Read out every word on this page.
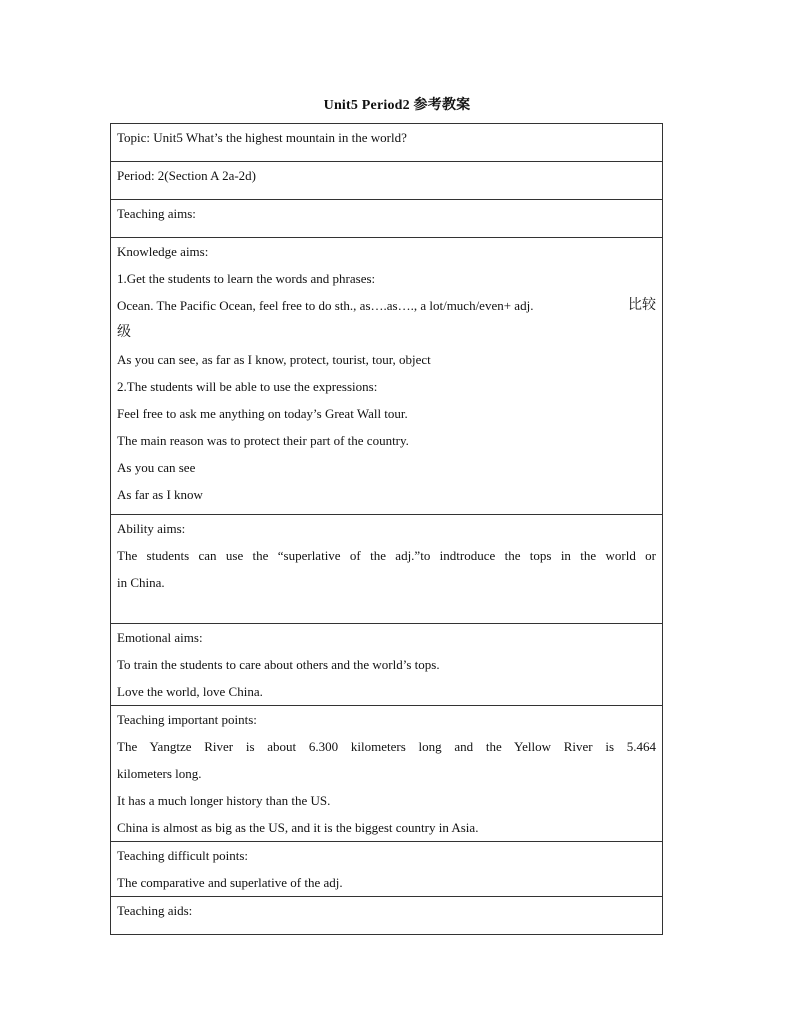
Unit5 Period2 参考教案
Topic: Unit5 What’s the highest mountain in the world?

Period: 2(Section A 2a-2d)

Teaching aims:

Knowledge aims:
1.Get the students to learn the words and phrases:
Ocean. The Pacific Ocean, feel free to do sth., as….as…., a lot/much/even+ adj.	比较
级
As you can see, as far as I know, protect, tourist, tour, object
2.The students will be able to use the expressions:
Feel free to ask me anything on today’s Great Wall tour.
The main reason was to protect their part of the country.
As you can see
As far as I know

Ability aims:
The students can use the “superlative of the adj.”to indtroduce the tops in the world or
in China.

Emotional aims:
To train the students to care about others and the world’s tops.
Love the world, love China.

Teaching important points:
The Yangtze River is about 6.300 kilometers long and the Yellow River is 5.464
kilometers long.
It has a much longer history than the US.
China is almost as big as the US, and it is the biggest country in Asia.

Teaching difficult points:
The comparative and superlative of the adj.

Teaching aids:
